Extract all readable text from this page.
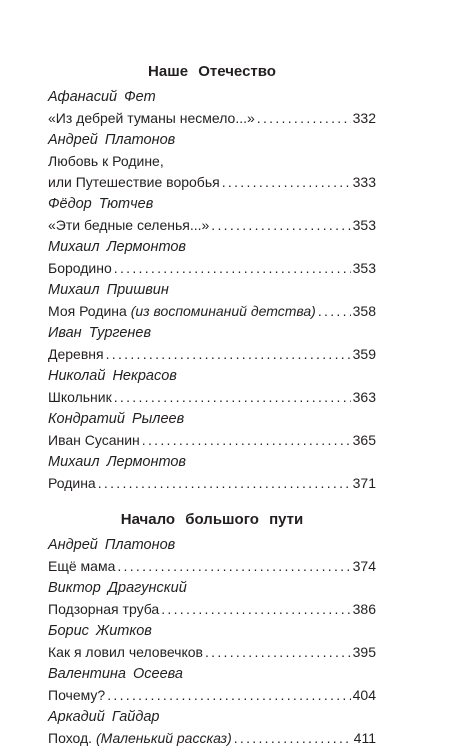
Наше Отечество
Афанасий Фет
«Из дебрей туманы несмело...» .....	332
Андрей Платонов
Любовь к Родине,
или Путешествие воробья .....	333
Фёдор Тютчев
«Эти бедные селенья...» .....	353
Михаил Лермонтов
Бородино .....	353
Михаил Пришвин
Моя Родина (из воспоминаний детства) .....	358
Иван Тургенев
Деревня .....	359
Николай Некрасов
Школьник .....	363
Кондратий Рылеев
Иван Сусанин .....	365
Михаил Лермонтов
Родина .....	371
Начало большого пути
Андрей Платонов
Ещё мама .....	374
Виктор Драгунский
Подзорная труба .....	386
Борис Житков
Как я ловил человечков .....	395
Валентина Осеева
Почему? .....	404
Аркадий Гайдар
Поход. (Маленький рассказ) .....	411
